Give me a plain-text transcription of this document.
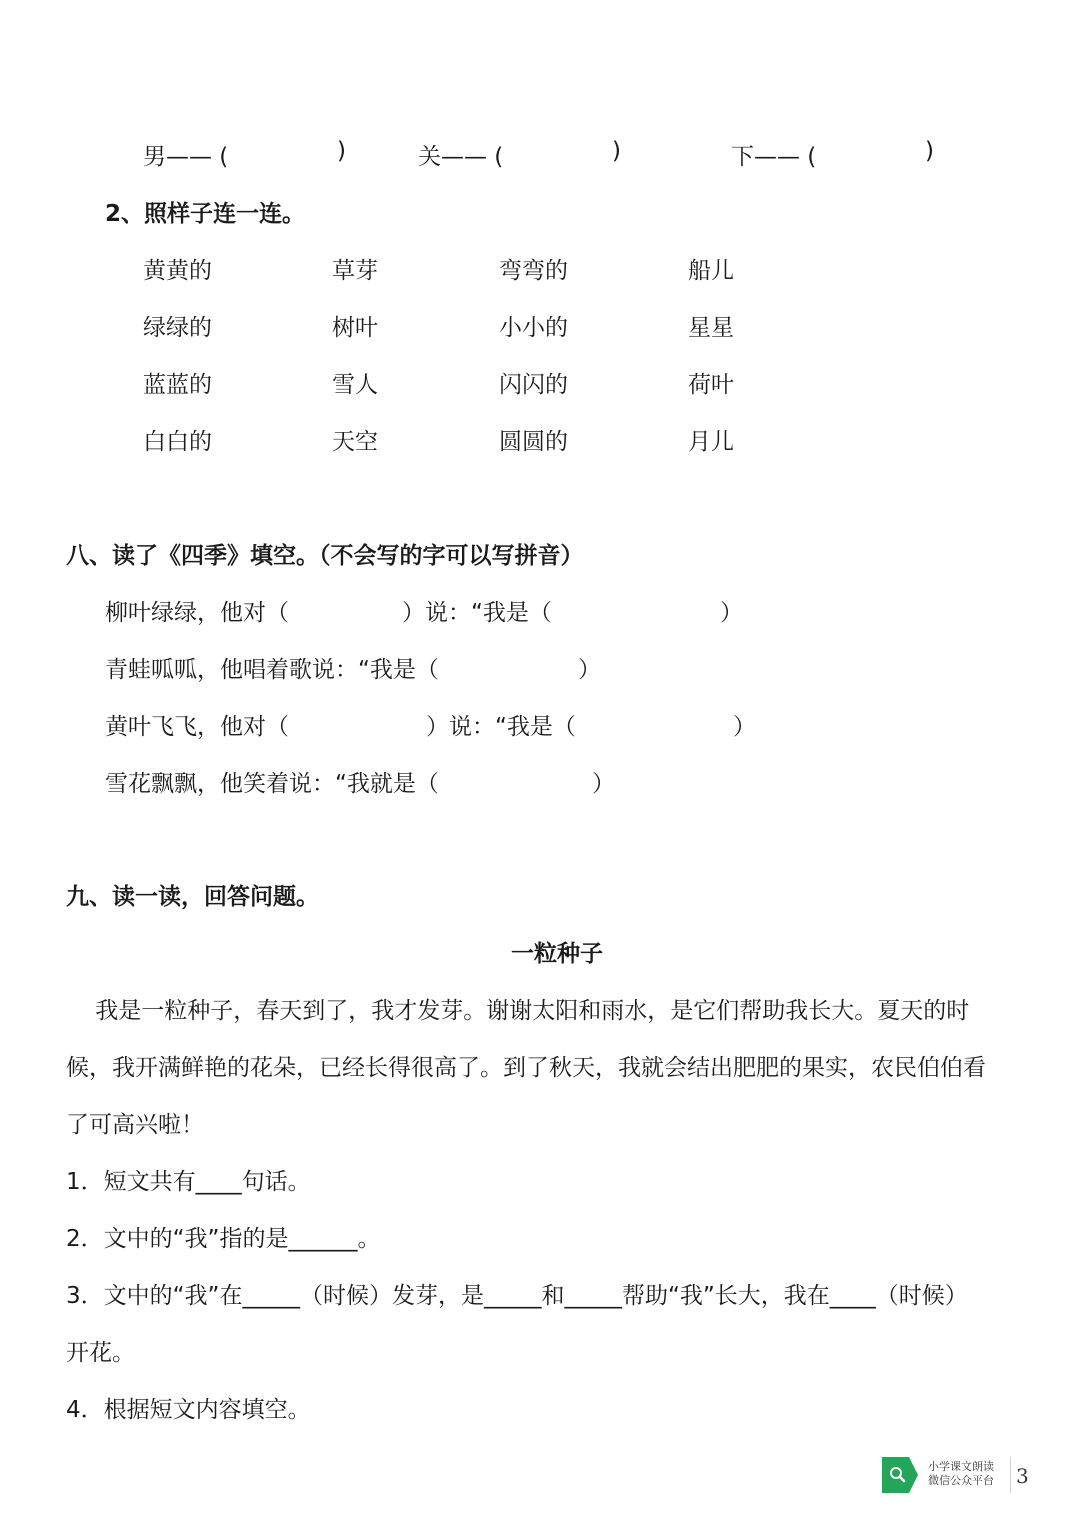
男—— (	)	关—— (	)	下—— (	)
2、照样子连一连。
黄黄的	草芽	弯弯的	船儿
绿绿的	树叶	小小的	星星
蓝蓝的	雪人	闪闪的	荷叶
白白的	天空	圆圆的	月儿
八、读了《四季》填空。（不会写的字可以写拼音）
柳叶绿绿，他对（	）说：“我是（	）
青蛙呱呱，他唱着歌说：“我是（	）
黄叶飞飞，他对（	）说：“我是（	）
雪花飘飘，他笑着说：“我就是（	）
九、读一读，回答问题。
一粒种子
我是一粒种子，春天到了，我才发芽。谢谢太阳和雨水，是它们帮助我长大。夏天的时
候，我开满鲜艳的花朵，已经长得很高了。到了秋天，我就会结出肥肥的果实，农民伯伯看
了可高兴啦！
1．短文共有____句话。
2．文中的“我”指的是______。
3．文中的“我”在_____（时候）发芽，是_____和_____帮助“我”长大，我在____（时候）
开花。
4．根据短文内容填空。
小学课文朗读
微信公众平台 3
